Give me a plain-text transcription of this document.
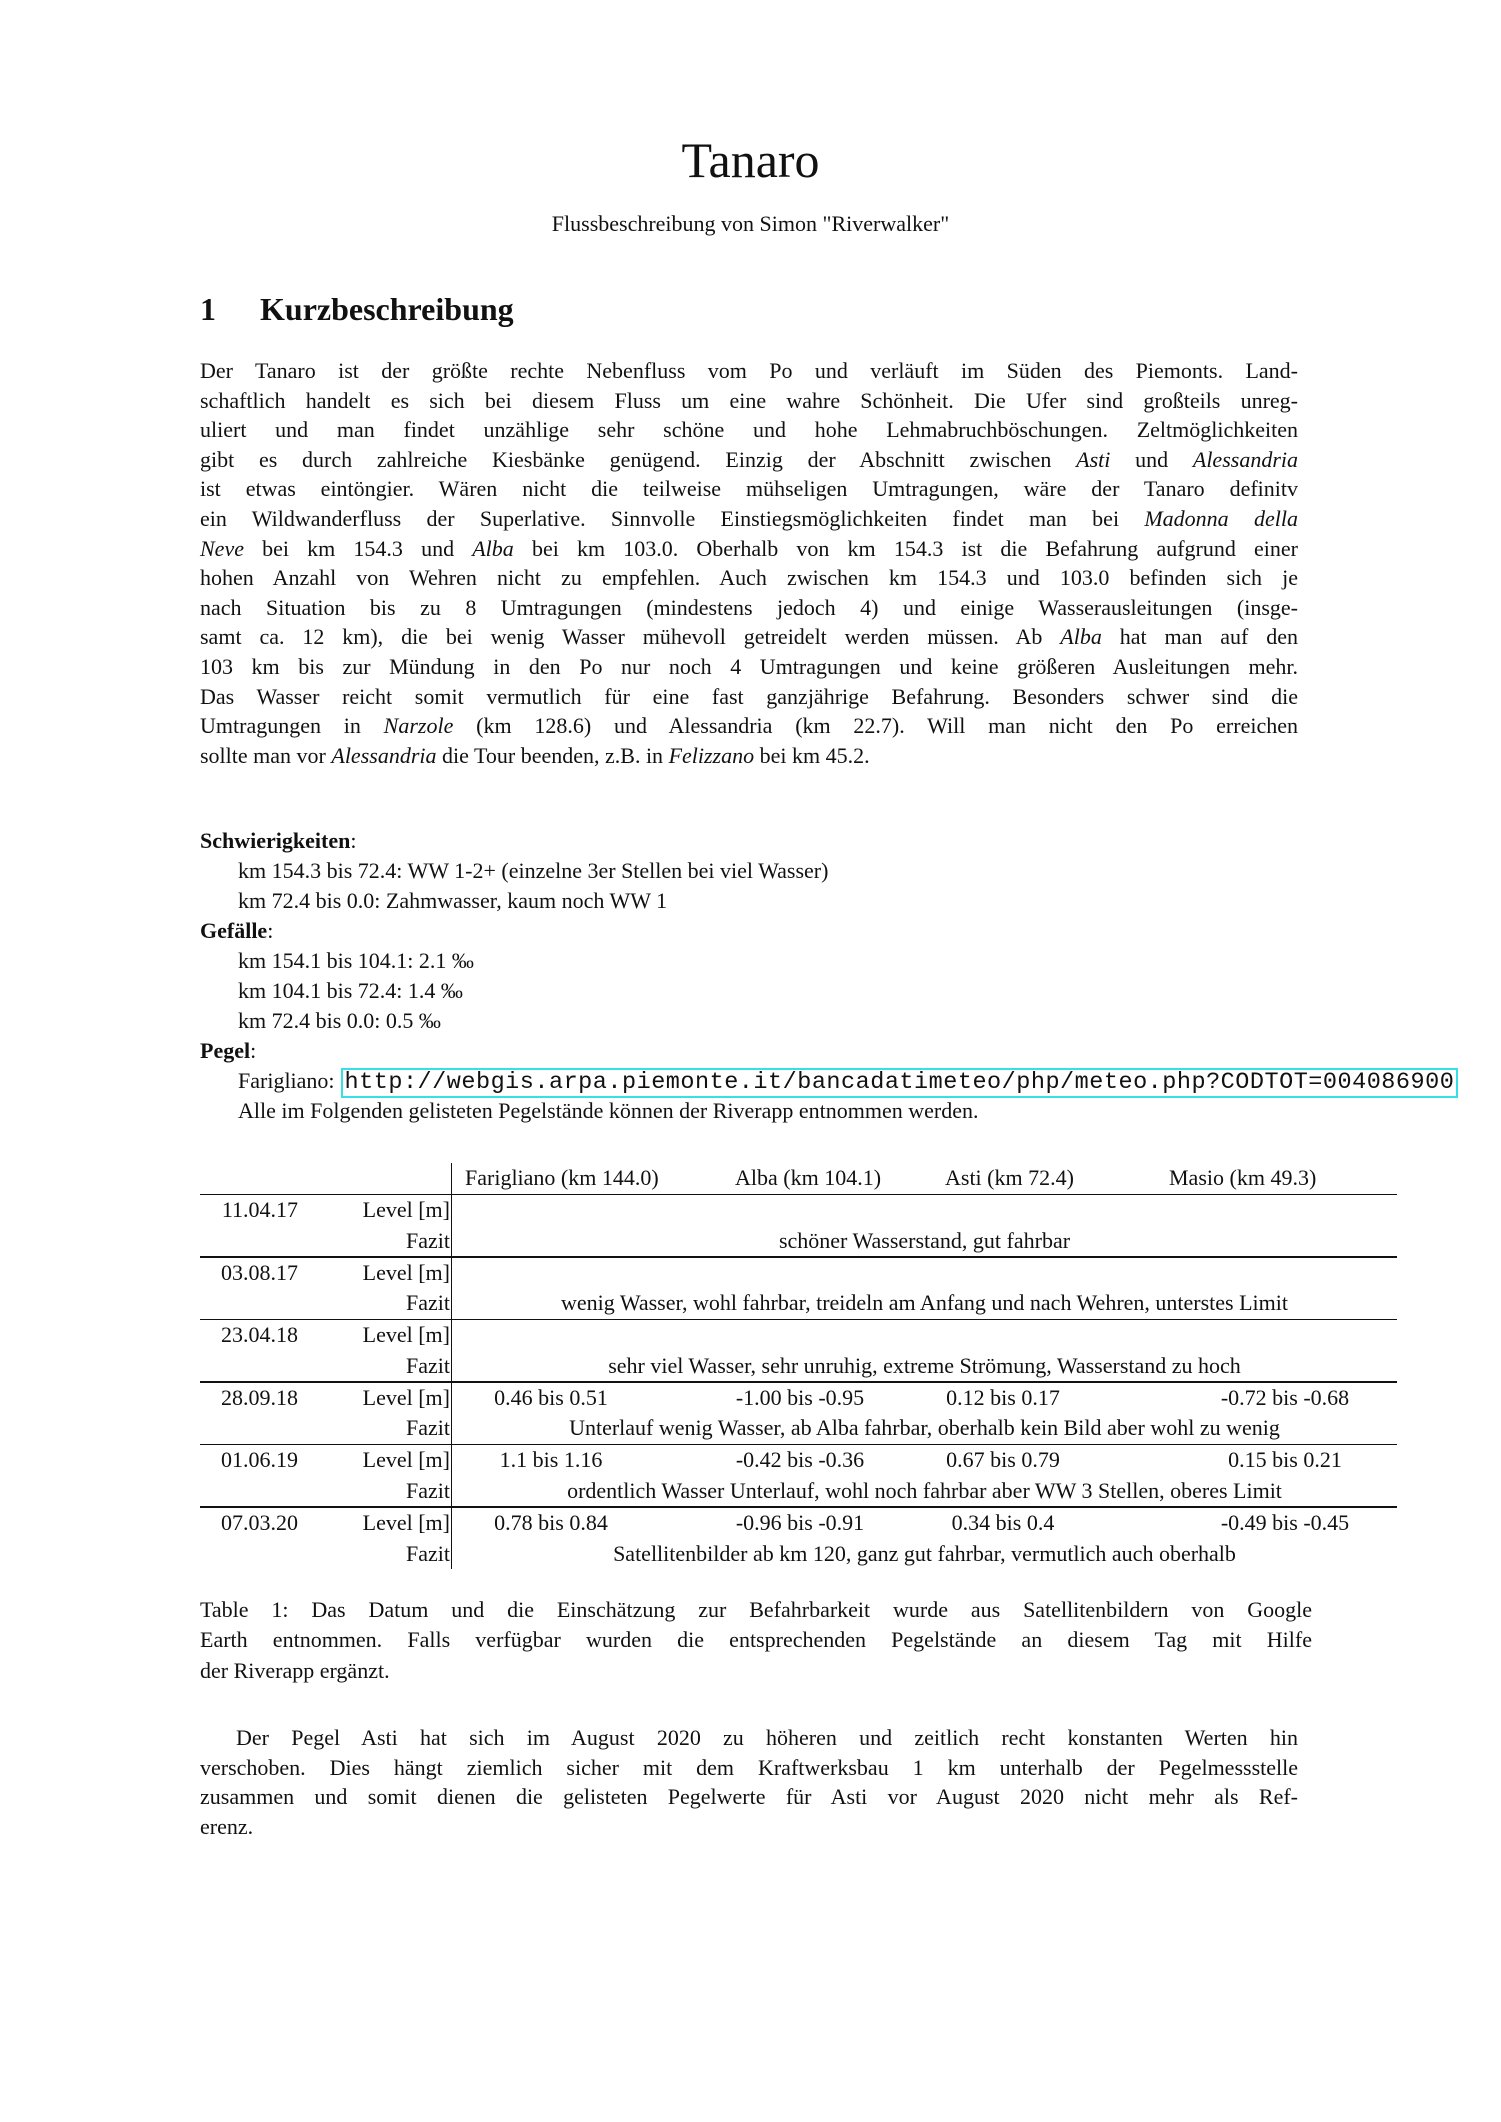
Tanaro
Flussbeschreibung von Simon "Riverwalker"
1 Kurzbeschreibung
Der Tanaro ist der größte rechte Nebenfluss vom Po und verläuft im Süden des Piemonts. Land-
schaftlich handelt es sich bei diesem Fluss um eine wahre Schönheit. Die Ufer sind großteils unreg-
uliert und man findet unzählige sehr schöne und hohe Lehmabruchböschungen. Zeltmöglichkeiten
gibt es durch zahlreiche Kiesbänke genügend. Einzig der Abschnitt zwischen Asti und Alessandria
ist etwas eintöngier. Wären nicht die teilweise mühseligen Umtragungen, wäre der Tanaro definitv
ein Wildwanderfluss der Superlative. Sinnvolle Einstiegsmöglichkeiten findet man bei Madonna della
Neve bei km 154.3 und Alba bei km 103.0. Oberhalb von km 154.3 ist die Befahrung aufgrund einer
hohen Anzahl von Wehren nicht zu empfehlen. Auch zwischen km 154.3 und 103.0 befinden sich je
nach Situation bis zu 8 Umtragungen (mindestens jedoch 4) und einige Wasserausleitungen (insge-
samt ca. 12 km), die bei wenig Wasser mühevoll getreidelt werden müssen. Ab Alba hat man auf den
103 km bis zur Mündung in den Po nur noch 4 Umtragungen und keine größeren Ausleitungen mehr.
Das Wasser reicht somit vermutlich für eine fast ganzjährige Befahrung. Besonders schwer sind die
Umtragungen in Narzole (km 128.6) und Alessandria (km 22.7). Will man nicht den Po erreichen
sollte man vor Alessandria die Tour beenden, z.B. in Felizzano bei km 45.2.
Schwierigkeiten:
km 154.3 bis 72.4: WW 1-2+ (einzelne 3er Stellen bei viel Wasser)
km 72.4 bis 0.0: Zahmwasser, kaum noch WW 1
Gefälle:
km 154.1 bis 104.1: 2.1 ‰
km 104.1 bis 72.4: 1.4 ‰
km 72.4 bis 0.0: 0.5 ‰
Pegel:
Farigliano: http://webgis.arpa.piemonte.it/bancadatimeteo/php/meteo.php?CODTOT=004086900
Alle im Folgenden gelisteten Pegelstände können der Riverapp entnommen werden.
Farigliano (km 144.0)	Alba (km 104.1)	Asti (km 72.4)	Masio (km 49.3)
11.04.17	Level [m]
Fazit	schöner Wasserstand, gut fahrbar
03.08.17	Level [m]
Fazit	wenig Wasser, wohl fahrbar, treideln am Anfang und nach Wehren, unterstes Limit
23.04.18	Level [m]
Fazit	sehr viel Wasser, sehr unruhig, extreme Strömung, Wasserstand zu hoch
28.09.18	Level [m]	0.46 bis 0.51	-1.00 bis -0.95	0.12 bis 0.17	-0.72 bis -0.68
Fazit	Unterlauf wenig Wasser, ab Alba fahrbar, oberhalb kein Bild aber wohl zu wenig
01.06.19	Level [m]	1.1 bis 1.16	-0.42 bis -0.36	0.67 bis 0.79	0.15 bis 0.21
Fazit	ordentlich Wasser Unterlauf, wohl noch fahrbar aber WW 3 Stellen, oberes Limit
07.03.20	Level [m]	0.78 bis 0.84	-0.96 bis -0.91	0.34 bis 0.4	-0.49 bis -0.45
Fazit	Satellitenbilder ab km 120, ganz gut fahrbar, vermutlich auch oberhalb
Table 1: Das Datum und die Einschätzung zur Befahrbarkeit wurde aus Satellitenbildern von Google
Earth entnommen. Falls verfügbar wurden die entsprechenden Pegelstände an diesem Tag mit Hilfe
der Riverapp ergänzt.
Der Pegel Asti hat sich im August 2020 zu höheren und zeitlich recht konstanten Werten hin
verschoben. Dies hängt ziemlich sicher mit dem Kraftwerksbau 1 km unterhalb der Pegelmessstelle
zusammen und somit dienen die gelisteten Pegelwerte für Asti vor August 2020 nicht mehr als Ref-
erenz.
